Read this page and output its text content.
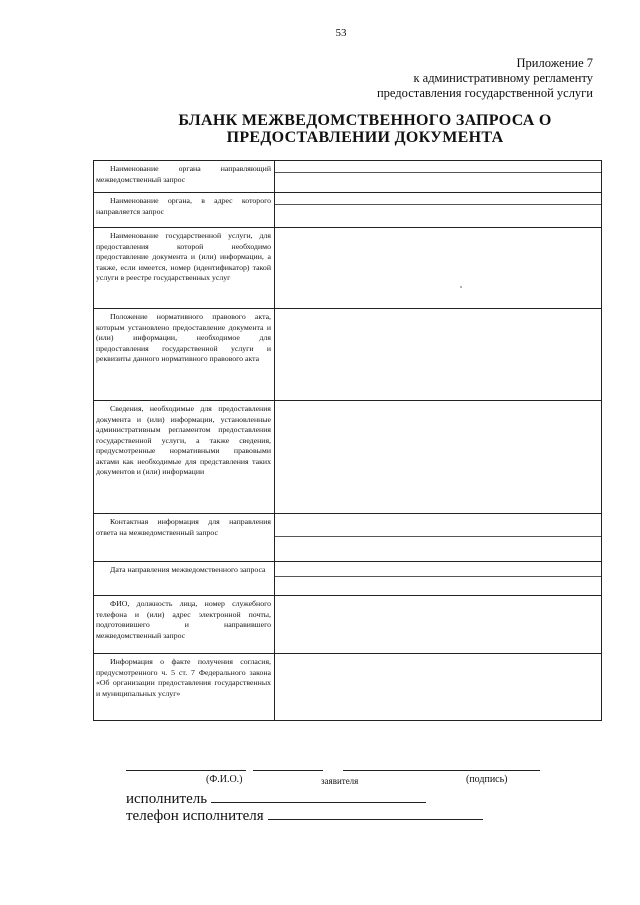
53
Приложение 7
к административному регламенту
предоставления государственной услуги
БЛАНК МЕЖВЕДОМСТВЕННОГО ЗАПРОСА О
ПРЕДОСТАВЛЕНИИ ДОКУМЕНТА
Наименование органа направляющий межведомственный запрос	

Наименование органа, в адрес которого направляется запрос	

Наименование государственной услуги, для предоставления которой необходимо предоставление документа и (или) информации, а также, если имеется, номер (идентификатор) такой услуги в реестре государственных услуг	

Положение нормативного правового акта, которым установлено предоставление документа и (или) информации, необходимое для предоставления государственной услуги и реквизиты данного нормативного правового акта	

Сведения, необходимые для предоставления документа и (или) информации, установленные административным регламентом предоставления государственной услуги, а также сведения, предусмотренные нормативными правовыми актами как необходимые для представления таких документов и (или) информации	

Контактная информация для направления ответа на межведомственный запрос	

Дата направления межведомственного запроса	

ФИО, должность лица, номер служебного телефона и (или) адрес электронной почты, подготовившего и направившего межведомственный запрос	

Информация о факте получения согласия, предусмотренного ч. 5 ст. 7 Федерального закона «Об организации предоставления государственных и муниципальных услуг»	

(Ф.И.О.)	заявителя	(подпись)
исполнитель
телефон исполнителя
